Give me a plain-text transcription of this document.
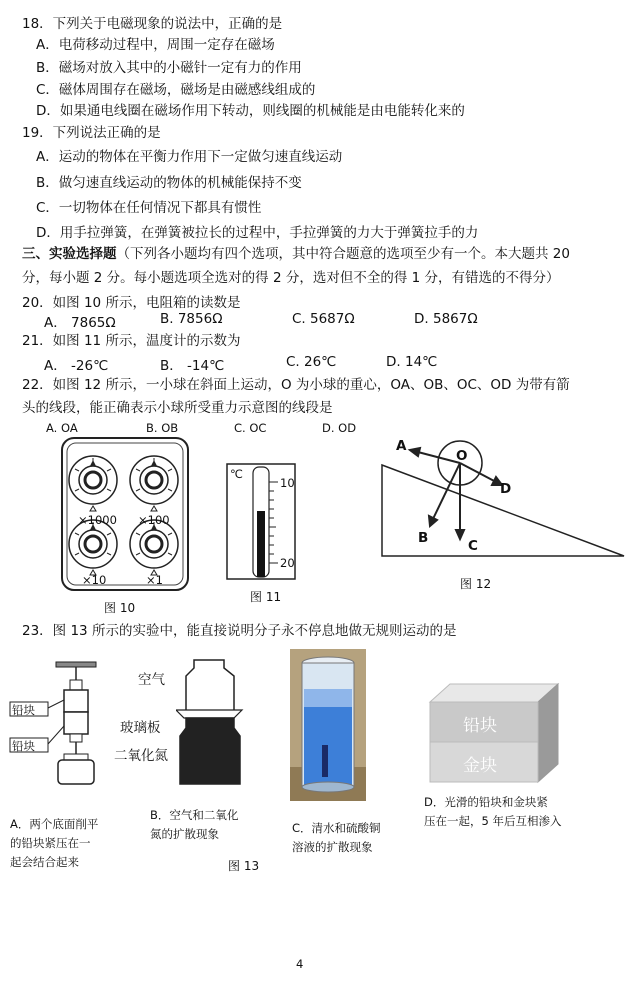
18．下列关于电磁现象的说法中，正确的是
A．电荷移动过程中，周围一定存在磁场
B．磁场对放入其中的小磁针一定有力的作用
C．磁体周围存在磁场，磁场是由磁感线组成的
D．如果通电线圈在磁场作用下转动，则线圈的机械能是由电能转化来的
19．下列说法正确的是
A．运动的物体在平衡力作用下一定做匀速直线运动
B．做匀速直线运动的物体的机械能保持不变
C．一切物体在任何情况下都具有惯性
D．用手拉弹簧，在弹簧被拉长的过程中，手拉弹簧的力大于弹簧拉手的力
三、实验选择题（下列各小题均有四个选项，其中符合题意的选项至少有一个。本大题共 20
分，每小题 2 分。每小题选项全选对的得 2 分，选对但不全的得 1 分，有错选的不得分）
20．如图 10 所示，电阻箱的读数是
A． 7865Ω	B. 7856Ω	C. 5687Ω	D. 5867Ω
21．如图 11 所示，温度计的示数为
A． -26℃	B． -14℃	C. 26℃	D. 14℃
22．如图 12 所示，一小球在斜面上运动，O 为小球的重心，OA、OB、OC、OD 为带有箭
头的线段，能正确表示小球所受重力示意图的线段是
A. OA	B. OB	C. OC	D. OD
×1000 ×100
×10	×1
图 10
℃
10
20
图 11
A
O
D
B	C
图 12
23．图 13 所示的实验中，能直接说明分子永不停息地做无规则运动的是
铅块
铅块
空气
玻璃板
二氧化氮
铅块
金块
A．两个底面削平
的铅块紧压在一
起会结合起来
B．空气和二氧化
氮的扩散现象	C．清水和硫酸铜
溶液的扩散现象
D．光滑的铅块和金块紧
压在一起，5 年后互相渗入
图 13
4
